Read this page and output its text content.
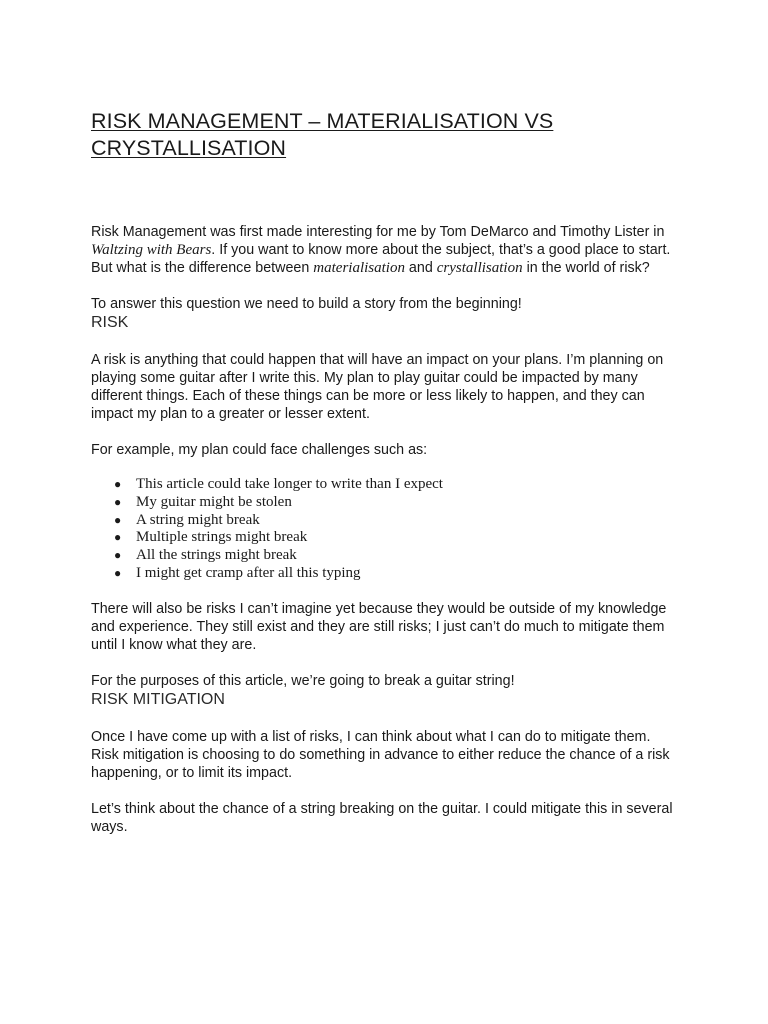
RISK MANAGEMENT – MATERIALISATION VS
CRYSTALLISATION

Risk Management was first made interesting for me by Tom DeMarco and Timothy Lister in Waltzing with Bears. If you want to know more about the subject, that’s a good place to start. But what is the difference between materialisation and crystallisation in the world of risk?

To answer this question we need to build a story from the beginning!

RISK

A risk is anything that could happen that will have an impact on your plans. I’m planning on playing some guitar after I write this. My plan to play guitar could be impacted by many different things. Each of these things can be more or less likely to happen, and they can impact my plan to a greater or lesser extent.

For example, my plan could face challenges such as:

● This article could take longer to write than I expect
● My guitar might be stolen
● A string might break
● Multiple strings might break
● All the strings might break
● I might get cramp after all this typing

There will also be risks I can’t imagine yet because they would be outside of my knowledge and experience. They still exist and they are still risks; I just can’t do much to mitigate them until I know what they are.

For the purposes of this article, we’re going to break a guitar string!

RISK MITIGATION

Once I have come up with a list of risks, I can think about what I can do to mitigate them. Risk mitigation is choosing to do something in advance to either reduce the chance of a risk happening, or to limit its impact.

Let’s think about the chance of a string breaking on the guitar. I could mitigate this in several ways.
